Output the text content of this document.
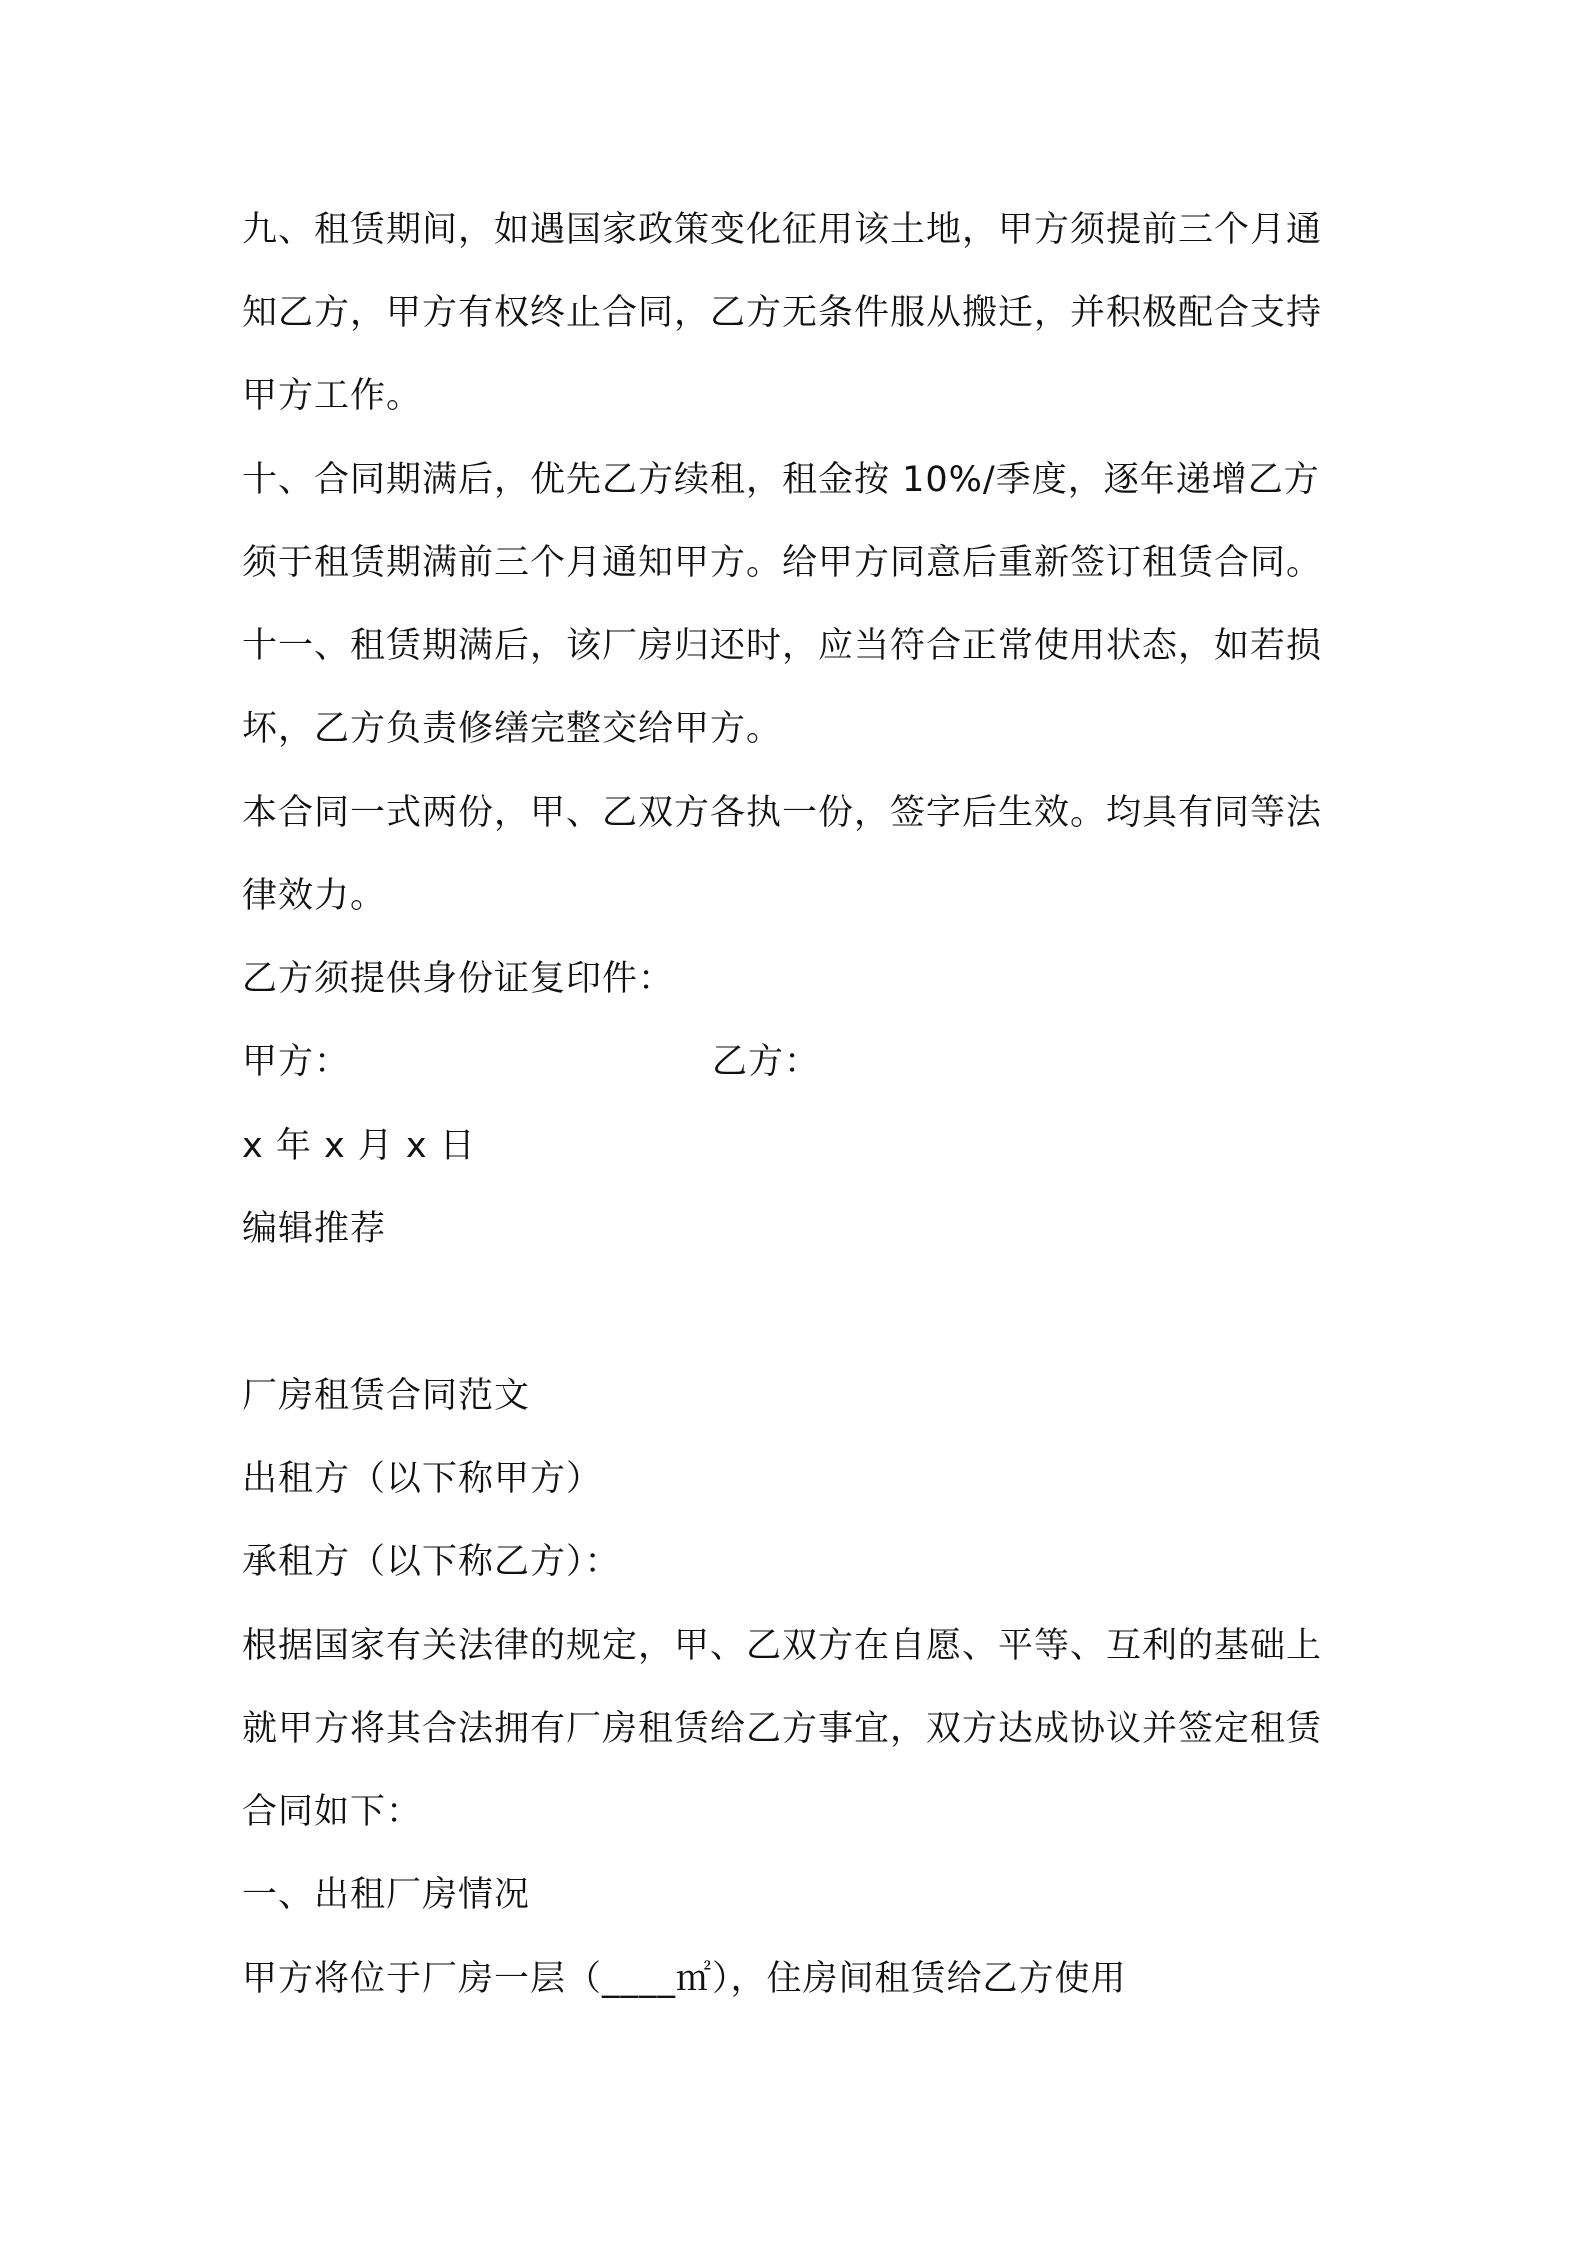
九、租赁期间，如遇国家政策变化征用该土地，甲方须提前三个月通
知乙方，甲方有权终止合同，乙方无条件服从搬迁，并积极配合支持
甲方工作。
十、合同期满后，优先乙方续租，租金按 10%/季度，逐年递增乙方
须于租赁期满前三个月通知甲方。给甲方同意后重新签订租赁合同。
十一、租赁期满后，该厂房归还时，应当符合正常使用状态，如若损
坏，乙方负责修缮完整交给甲方。
本合同一式两份，甲、乙双方各执一份，签字后生效。均具有同等法
律效力。
乙方须提供身份证复印件：
甲方：	乙方：
x 年 x 月 x 日
编辑推荐
厂房租赁合同范文
出租方（以下称甲方）
承租方（以下称乙方）：
根据国家有关法律的规定，甲、乙双方在自愿、平等、互利的基础上
就甲方将其合法拥有厂房租赁给乙方事宜，双方达成协议并签定租赁
合同如下：
一、出租厂房情况
甲方将位于厂房一层（____㎡），住房间租赁给乙方使用
